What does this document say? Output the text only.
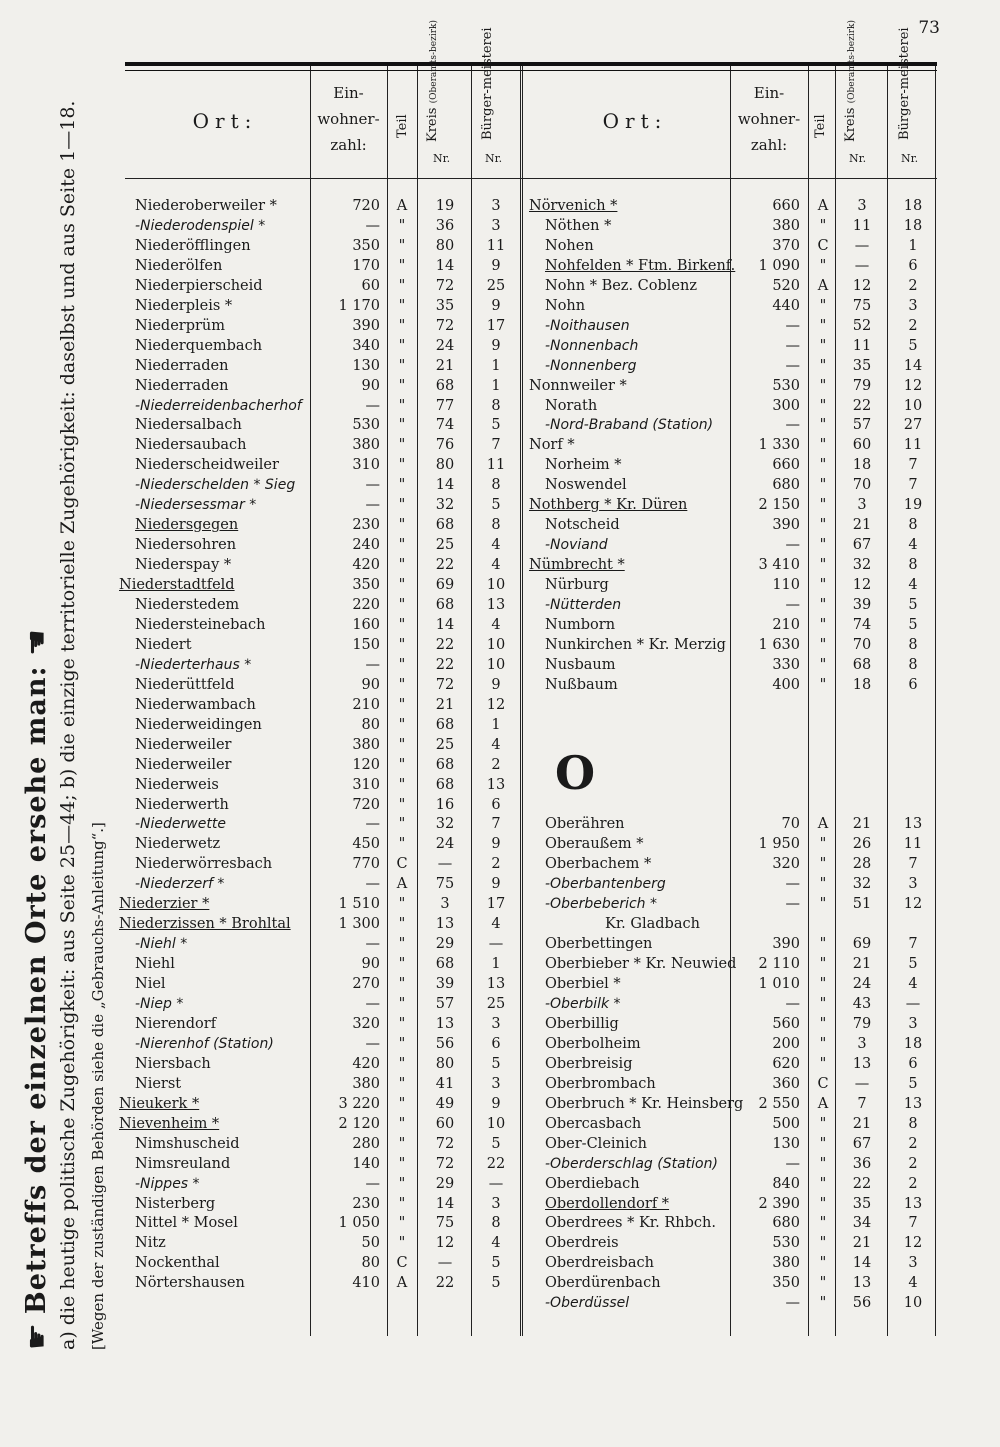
73
☛Betreffs der einzelnen Orte ersehe man: ☚ a) die heutige politische Zugehörigkeit: aus Seite 25—44; b) die einzige territorielle Zugehörigkeit: daselbst und aus Seite 1—18. [Wegen der zuständigen Behörden siehe die „Gebrauchs-Anleitung“.]
Ort:
Ein-
wohner-
zahl:
Teil Kreis (Oberamts-bezirk)
Nr.
Bürger-meisterei
Nr.
Ort:
Ein-
wohner-
zahl:
Teil Kreis (Oberamts-bezirk)
Nr.
Bürger-meisterei
Nr.
O
Niederoberweiler *	720	A	19	3
-Niederodenspiel *	—	"	36	3
Niederöfflingen	350	"	80	11
Niederölfen	170	"	14	9
Niederpierscheid	60	"	72	25
Niederpleis *	1 170	"	35	9
Niederprüm	390	"	72	17
Niederquembach	340	"	24	9
Niederraden	130	"	21	1
Niederraden	90	"	68	1
-Niederreidenbacherhof	—	"	77	8
Niedersalbach	530	"	74	5
Niedersaubach	380	"	76	7
Niederscheidweiler	310	"	80	11
-Niederschelden * Sieg	—	"	14	8
-Niedersessmar *	—	"	32	5
Niedersgegen	230	"	68	8
Niedersohren	240	"	25	4
Niederspay *	420	"	22	4
Niederstadtfeld	350	"	69	10
Niederstedem	220	"	68	13
Niedersteinebach	160	"	14	4
Niedert	150	"	22	10
-Niederterhaus *	—	"	22	10
Niederüttfeld	90	"	72	9
Niederwambach	210	"	21	12
Niederweidingen	80	"	68	1
Niederweiler	380	"	25	4
Niederweiler	120	"	68	2
Niederweis	310	"	68	13
Niederwerth	720	"	16	6
-Niederwette	—	"	32	7
Niederwetz	450	"	24	9
Niederwörresbach	770	C	—	2
-Niederzerf *	—	A	75	9
Niederzier *	1 510	"	3	17
Niederzissen * Brohltal	1 300	"	13	4
-Niehl *	—	"	29	—
Niehl	90	"	68	1
Niel	270	"	39	13
-Niep *	—	"	57	25
Nierendorf	320	"	13	3
-Nierenhof (Station)	—	"	56	6
Niersbach	420	"	80	5
Nierst	380	"	41	3
Nieukerk *	3 220	"	49	9
Nievenheim *	2 120	"	60	10
Nimshuscheid	280	"	72	5
Nimsreuland	140	"	72	22
-Nippes *	—	"	29	—
Nisterberg	230	"	14	3
Nittel * Mosel	1 050	"	75	8
Nitz	50	"	12	4
Nockenthal	80	C	—	5
Nörtershausen	410	A	22	5
Nörvenich *	660	A	3	18
Nöthen *	380	"	11	18
Nohen	370	C	—	1
Nohfelden * Ftm. Birkenf.	1 090	"	—	6
Nohn * Bez. Coblenz	520	A	12	2
Nohn	440	"	75	3
-Noithausen	—	"	52	2
-Nonnenbach	—	"	11	5
-Nonnenberg	—	"	35	14
Nonnweiler *	530	"	79	12
Norath	300	"	22	10
-Nord-Braband (Station)	—	"	57	27
Norf *	1 330	"	60	11
Norheim *	660	"	18	7
Noswendel	680	"	70	7
Nothberg * Kr. Düren	2 150	"	3	19
Notscheid	390	"	21	8
-Noviand	—	"	67	4
Nümbrecht *	3 410	"	32	8
Nürburg	110	"	12	4
-Nütterden	—	"	39	5
Numborn	210	"	74	5
Nunkirchen * Kr. Merzig	1 630	"	70	8
Nusbaum	330	"	68	8
Nußbaum	400	"	18	6
Oberähren	70	A	21	13
Oberaußem *	1 950	"	26	11
Oberbachem *	320	"	28	7
-Oberbantenberg	—	"	32	3
-Oberbeberich *	—	"	51	12
Kr. Gladbach
Oberbettingen	390	"	69	7
Oberbieber * Kr. Neuwied	2 110	"	21	5
Oberbiel *	1 010	"	24	4
-Oberbilk *	—	"	43	—
Oberbillig	560	"	79	3
Oberbolheim	200	"	3	18
Oberbreisig	620	"	13	6
Oberbrombach	360	C	—	5
Oberbruch * Kr. Heinsberg	2 550	A	7	13
Obercasbach	500	"	21	8
Ober-Cleinich	130	"	67	2
-Oberderschlag (Station)	—	"	36	2
Oberdiebach	840	"	22	2
Oberdollendorf *	2 390	"	35	13
Oberdrees * Kr. Rhbch.	680	"	34	7
Oberdreis	530	"	21	12
Oberdreisbach	380	"	14	3
Oberdürenbach	350	"	13	4
-Oberdüssel	—	"	56	10
